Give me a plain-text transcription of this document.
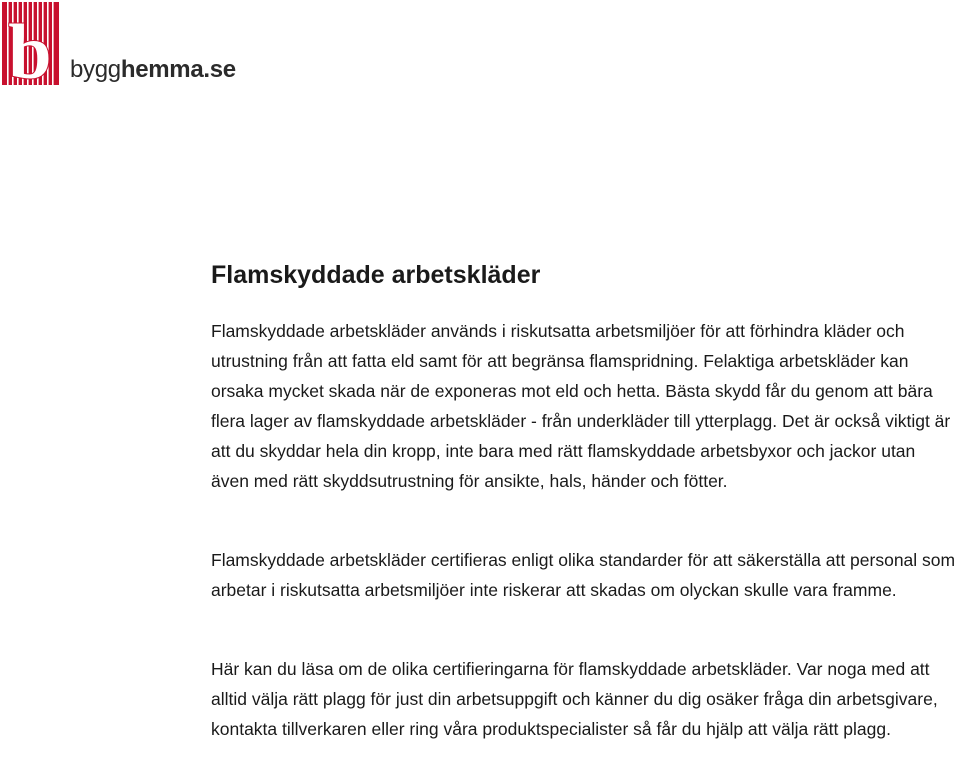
b bygghemma.se
Flamskyddade arbetskläder

Flamskyddade arbetskläder används i riskutsatta arbetsmiljöer för att förhindra kläder och utrustning från att fatta eld samt för att begränsa flamspridning. Felaktiga arbetskläder kan orsaka mycket skada när de exponeras mot eld och hetta. Bästa skydd får du genom att bära flera lager av flamskyddade arbetskläder - från underkläder till ytterplagg. Det är också viktigt är att du skyddar hela din kropp, inte bara med rätt flamskyddade arbetsbyxor och jackor utan även med rätt skyddsutrustning för ansikte, hals, händer och fötter.

Flamskyddade arbetskläder certifieras enligt olika standarder för att säkerställa att personal som arbetar i riskutsatta arbetsmiljöer inte riskerar att skadas om olyckan skulle vara framme.

Här kan du läsa om de olika certifieringarna för flamskyddade arbetskläder. Var noga med att alltid välja rätt plagg för just din arbetsuppgift och känner du dig osäker fråga din arbetsgivare, kontakta tillverkaren eller ring våra produktspecialister så får du hjälp att välja rätt plagg.
